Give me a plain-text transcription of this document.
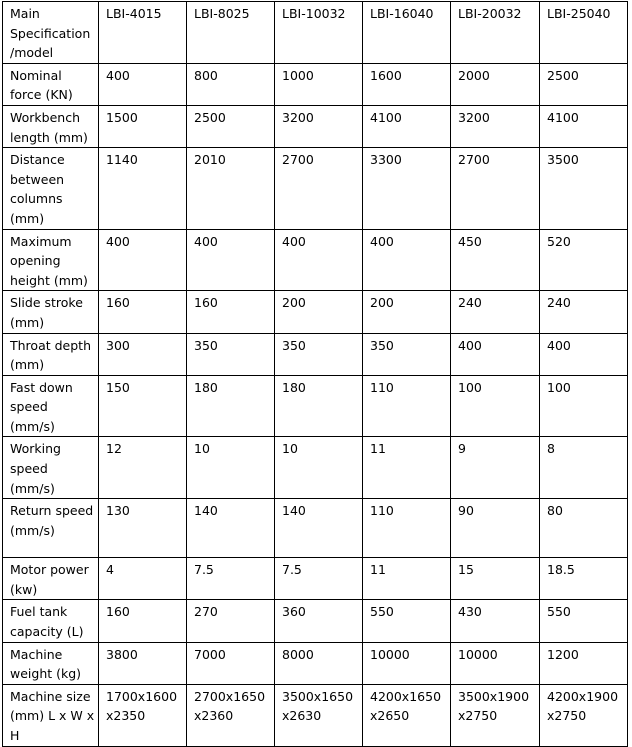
Main Specification /model	LBI-4015	LBI-8025	LBI-10032	LBI-16040	LBI-20032	LBI-25040
Nominal force (KN)	400	800	1000	1600	2000	2500
Workbench length (mm)	1500	2500	3200	4100	3200	4100
Distance between columns (mm)	1140	2010	2700	3300	2700	3500
Maximum opening height (mm)	400	400	400	400	450	520
Slide stroke (mm)	160	160	200	200	240	240
Throat depth (mm)	300	350	350	350	400	400
Fast down speed (mm/s)	150	180	180	110	100	100
Working speed (mm/s)	12	10	10	11	9	8
Return speed (mm/s)	130	140	140	110	90	80
Motor power (kw)	4	7.5	7.5	11	15	18.5
Fuel tank capacity (L)	160	270	360	550	430	550
Machine weight (kg)	3800	7000	8000	10000	10000	1200
Machine size (mm) L x W x H	1700x1600 x2350	2700x1650 x2360	3500x1650 x2630	4200x1650 x2650	3500x1900 x2750	4200x1900 x2750
